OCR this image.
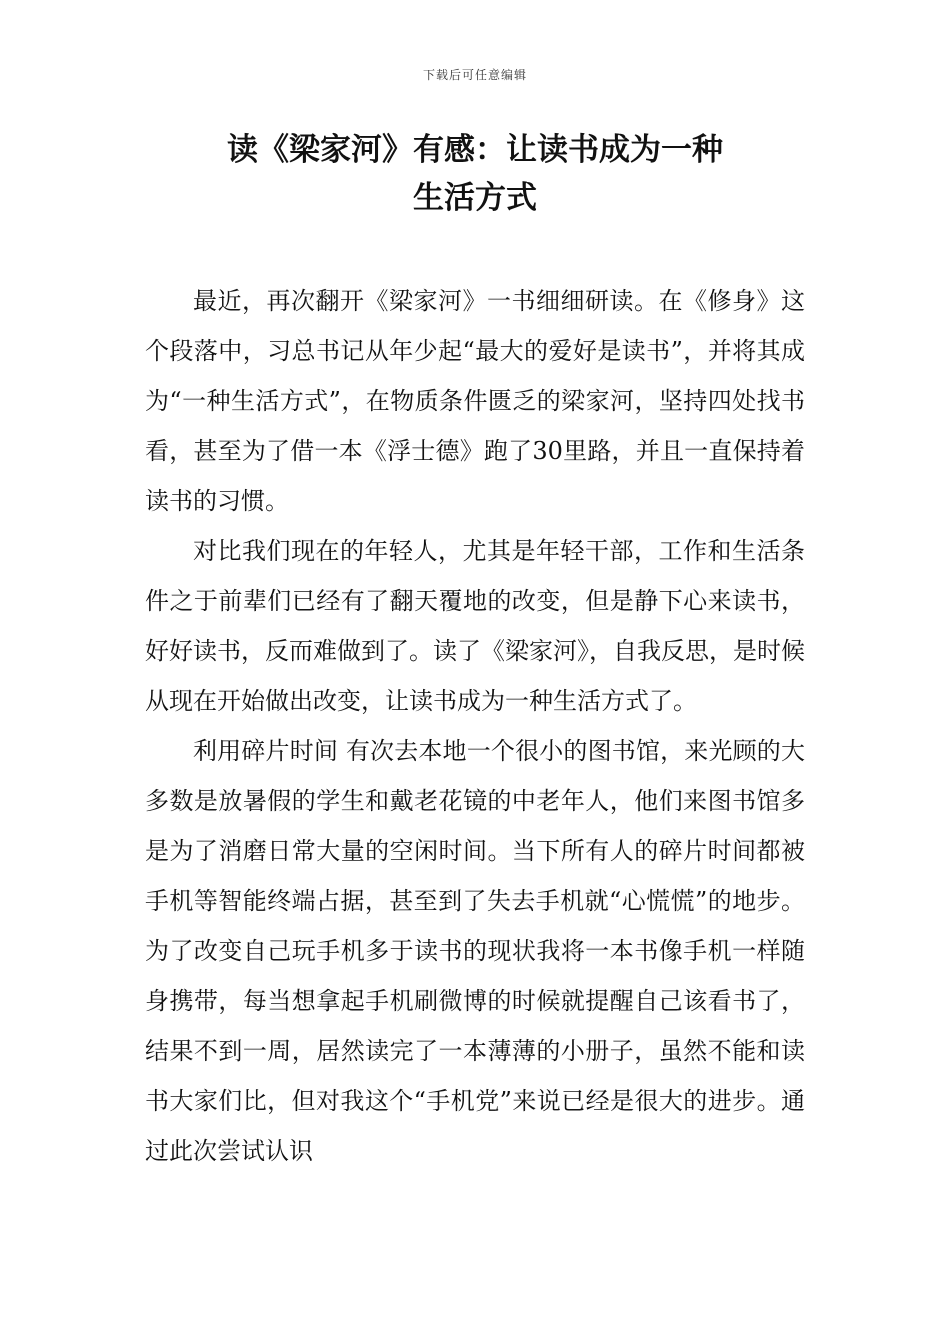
下载后可任意编辑
读《梁家河》有感：让读书成为一种
生活方式

最近，再次翻开《梁家河》一书细细研读。在《修身》这个段落中，习总书记从年少起“最大的爱好是读书”，并将其成为“一种生活方式”，在物质条件匮乏的梁家河，坚持四处找书看，甚至为了借一本《浮士德》跑了30里路，并且一直保持着读书的习惯。

对比我们现在的年轻人，尤其是年轻干部，工作和生活条件之于前辈们已经有了翻天覆地的改变，但是静下心来读书，好好读书，反而难做到了。读了《梁家河》，自我反思，是时候从现在开始做出改变，让读书成为一种生活方式了。

利用碎片时间 有次去本地一个很小的图书馆，来光顾的大多数是放暑假的学生和戴老花镜的中老年人，他们来图书馆多是为了消磨日常大量的空闲时间。当下所有人的碎片时间都被手机等智能终端占据，甚至到了失去手机就“心慌慌”的地步。为了改变自己玩手机多于读书的现状我将一本书像手机一样随身携带，每当想拿起手机刷微博的时候就提醒自己该看书了，结果不到一周，居然读完了一本薄薄的小册子，虽然不能和读书大家们比，但对我这个“手机党”来说已经是很大的进步。通过此次尝试认识
